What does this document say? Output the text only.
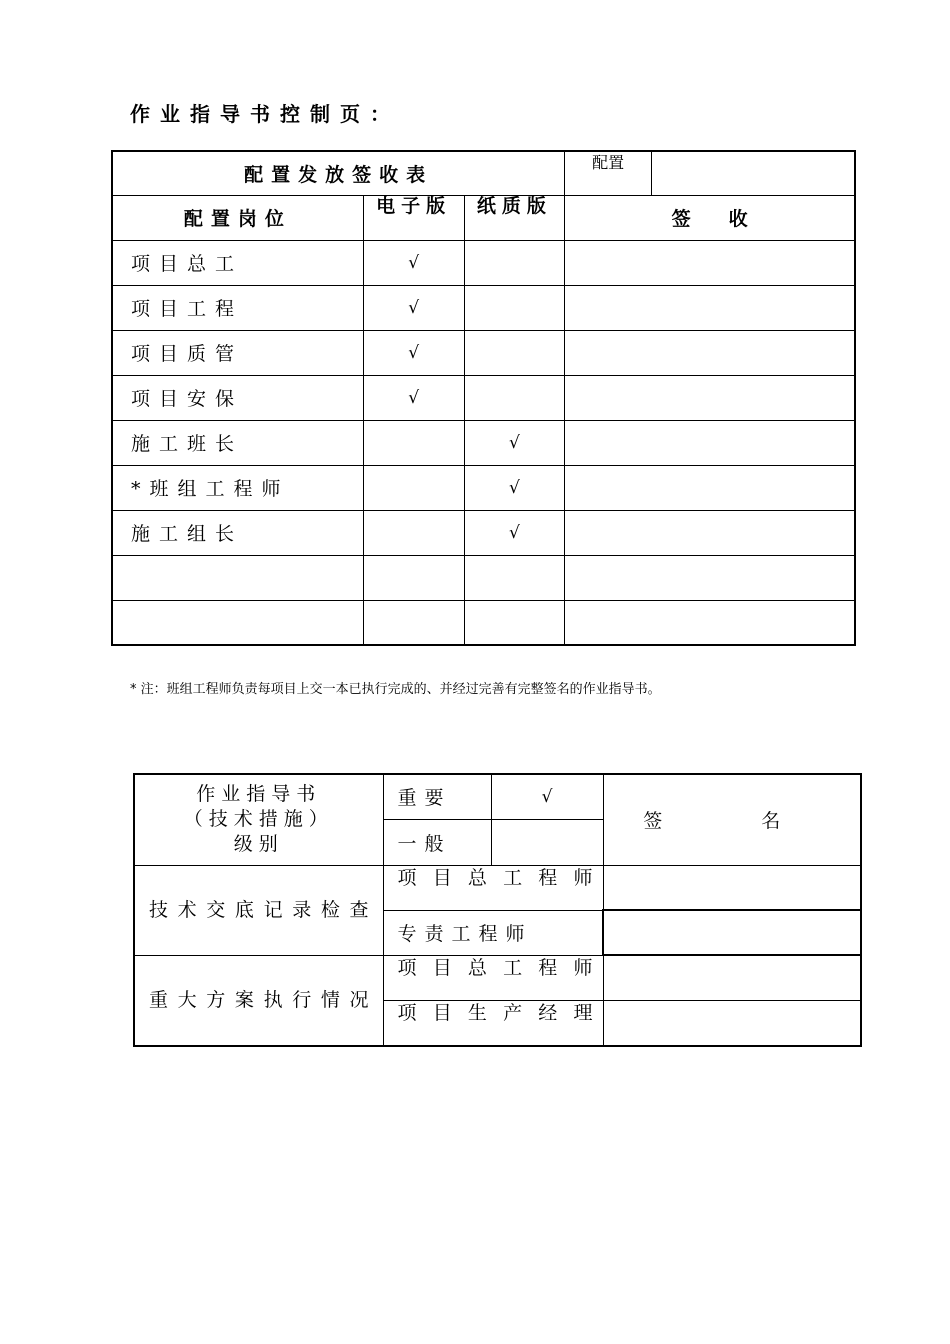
作业指导书控制页：
配置发放签收表			配置	

配置岗位	电子版	纸质版	签　　收	
项目总工	√			
项目工程	√			
项目质管	√			
项目安保	√			
施工班长		√		
*班组工程师		√		
施工组长		√		

* 注：班组工程师负责每项目上交一本已执行完成的、并经过完善有完整签名的作业指导书。
作业指导书
（技术措施）
级别	重要	√	签　名
	一般		

技术交底记录检查	项目总工程师		

	专责工程师		

重大方案执行情况	项目总工程师		

	项目生产经理		
